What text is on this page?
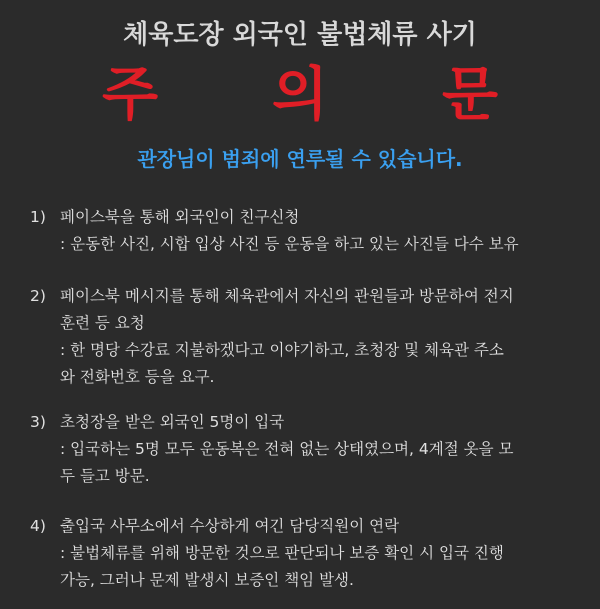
체육도장 외국인 불법체류 사기
주	의	문
관장님이 범죄에 연루될 수 있습니다.
1) 페이스북을 통해 외국인이 친구신청
: 운동한 사진, 시합 입상 사진 등 운동을 하고 있는 사진들 다수 보유
2) 페이스북 메시지를 통해 체육관에서 자신의 관원들과 방문하여 전지
훈련 등 요청
: 한 명당 수강료 지불하겠다고 이야기하고, 초청장 및 체육관 주소
와 전화번호 등을 요구.
3) 초청장을 받은 외국인 5명이 입국
: 입국하는 5명 모두 운동복은 전혀 없는 상태였으며, 4계절 옷을 모
두 들고 방문.
4) 출입국 사무소에서 수상하게 여긴 담당직원이 연락
: 불법체류를 위해 방문한 것으로 판단되나 보증 확인 시 입국 진행
가능, 그러나 문제 발생시 보증인 책임 발생.
